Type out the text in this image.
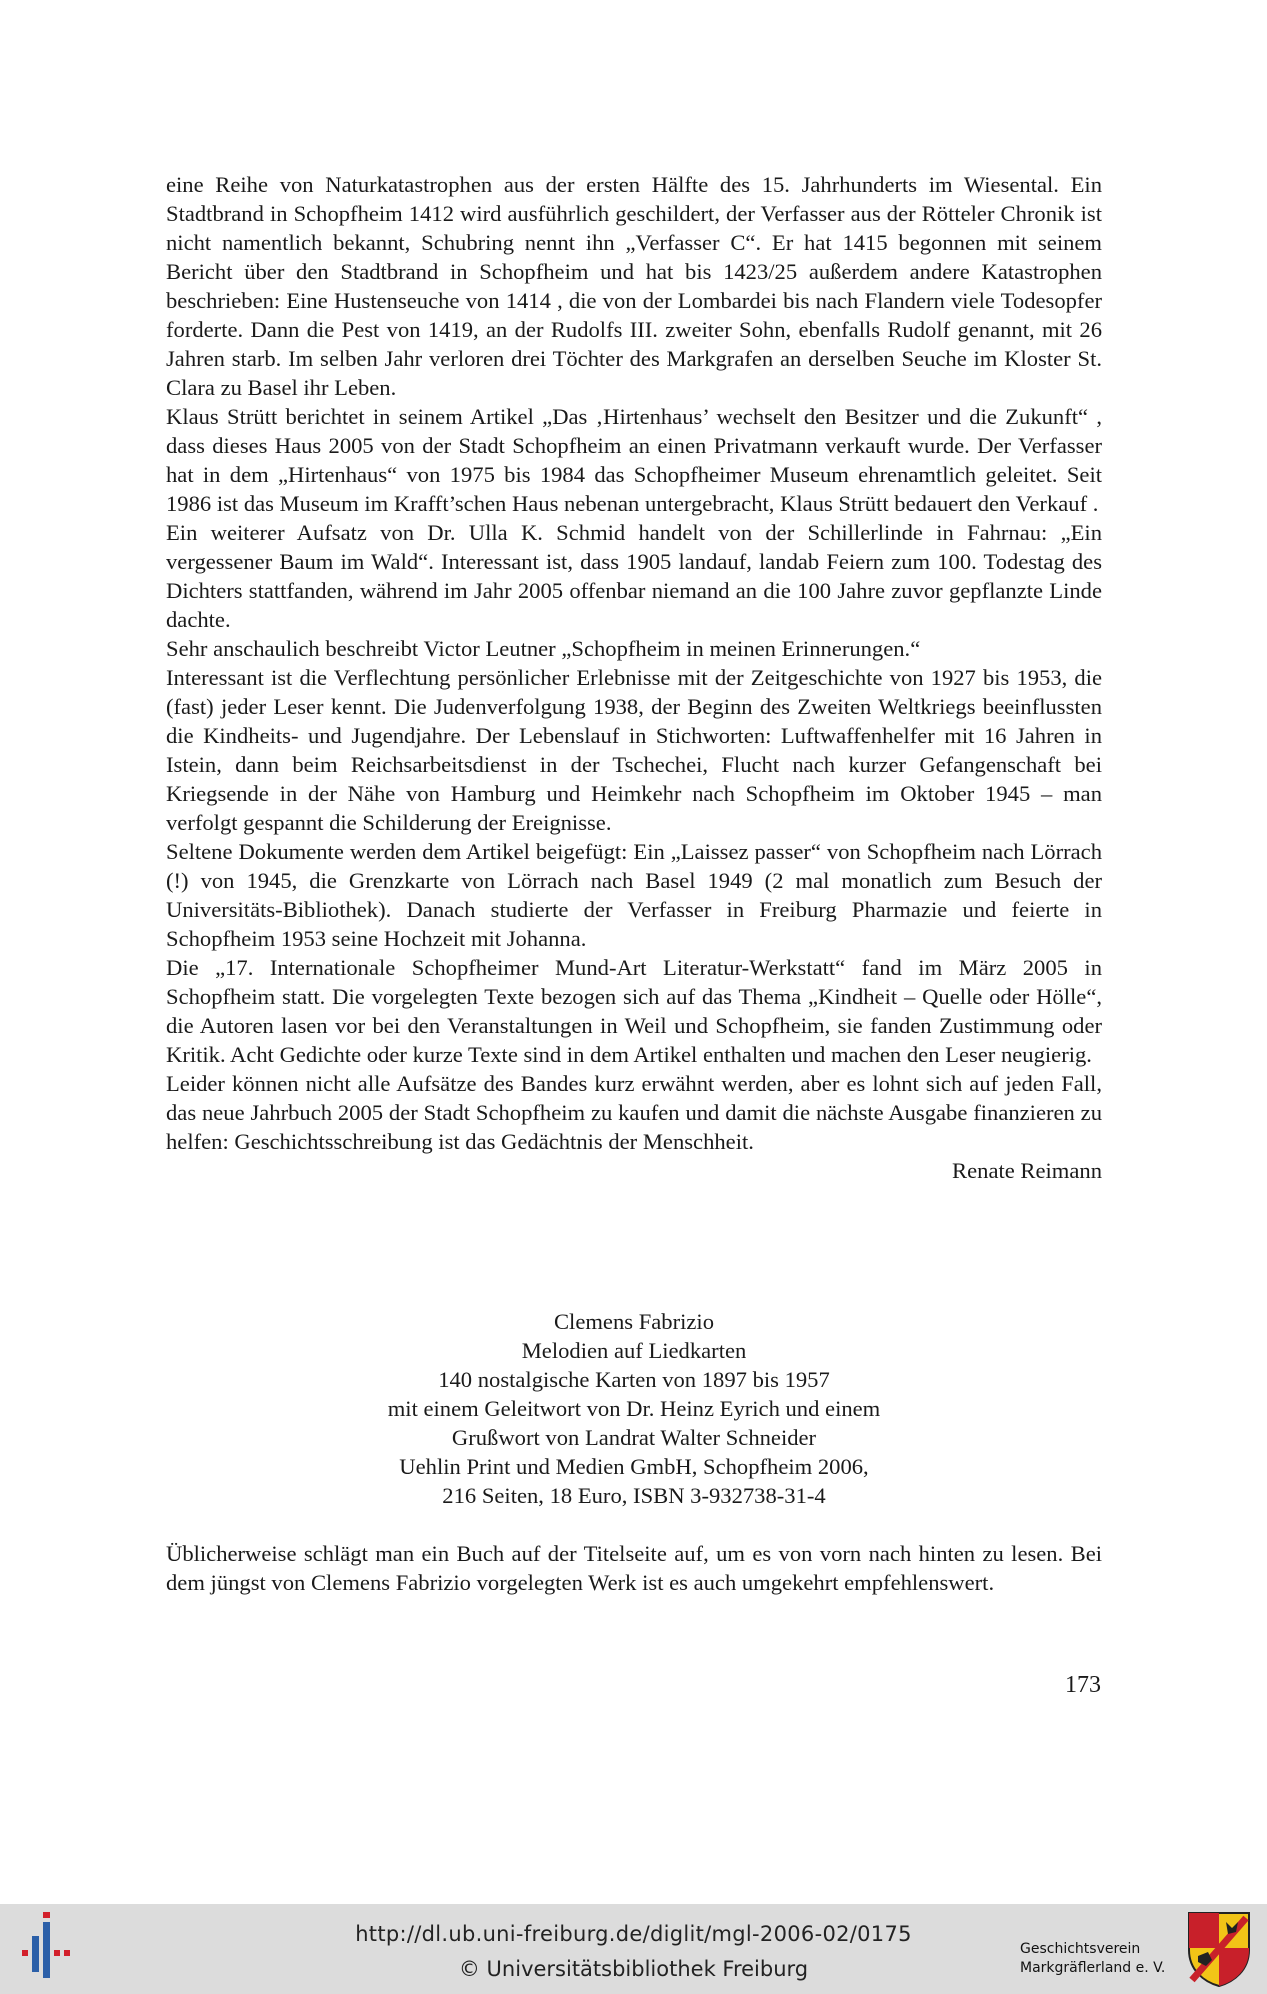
eine Reihe von Naturkatastrophen aus der ersten Hälfte des 15. Jahrhunderts im Wiesental. Ein Stadtbrand in Schopfheim 1412 wird ausführlich geschildert, der Verfasser aus der Rötteler Chronik ist nicht namentlich bekannt, Schubring nennt ihn „Verfasser C“. Er hat 1415 begonnen mit seinem Bericht über den Stadtbrand in Schopfheim und hat bis 1423/25 außerdem andere Katastrophen beschrieben: Eine Hustenseuche von 1414 , die von der Lombardei bis nach Flandern viele Todesopfer forderte. Dann die Pest von 1419, an der Rudolfs III. zweiter Sohn, ebenfalls Rudolf genannt, mit 26 Jahren starb. Im selben Jahr verloren drei Töchter des Markgrafen an derselben Seuche im Kloster St. Clara zu Basel ihr Leben.

Klaus Strütt berichtet in seinem Artikel „Das ‚Hirtenhaus’ wechselt den Besitzer und die Zukunft“ , dass dieses Haus 2005 von der Stadt Schopfheim an einen Privatmann verkauft wurde. Der Verfasser hat in dem „Hirtenhaus“ von 1975 bis 1984 das Schopfheimer Museum ehrenamtlich geleitet. Seit 1986 ist das Museum im Krafft’schen Haus nebenan untergebracht, Klaus Strütt bedauert den Verkauf .

Ein weiterer Aufsatz von Dr. Ulla K. Schmid handelt von der Schillerlinde in Fahrnau: „Ein vergessener Baum im Wald“. Interessant ist, dass 1905 landauf, landab Feiern zum 100. Todestag des Dichters stattfanden, während im Jahr 2005 offenbar niemand an die 100 Jahre zuvor gepflanzte Linde dachte.

Sehr anschaulich beschreibt Victor Leutner „Schopfheim in meinen Erinnerungen.“

Interessant ist die Verflechtung persönlicher Erlebnisse mit der Zeitgeschichte von 1927 bis 1953, die (fast) jeder Leser kennt. Die Judenverfolgung 1938, der Beginn des Zweiten Weltkriegs beeinflussten die Kindheits- und Jugendjahre. Der Lebenslauf in Stichworten: Luftwaffenhelfer mit 16 Jahren in Istein, dann beim Reichsarbeitsdienst in der Tschechei, Flucht nach kurzer Gefangenschaft bei Kriegsende in der Nähe von Hamburg und Heimkehr nach Schopfheim im Oktober 1945 – man verfolgt gespannt die Schilderung der Ereignisse.

Seltene Dokumente werden dem Artikel beigefügt: Ein „Laissez passer“ von Schopfheim nach Lörrach (!) von 1945, die Grenzkarte von Lörrach nach Basel 1949 (2 mal monatlich zum Besuch der Universitäts-Bibliothek). Danach studierte der Verfasser in Freiburg Pharmazie und feierte in Schopfheim 1953 seine Hochzeit mit Johanna.

Die „17. Internationale Schopfheimer Mund-Art Literatur-Werkstatt“ fand im März 2005 in Schopfheim statt. Die vorgelegten Texte bezogen sich auf das Thema „Kindheit – Quelle oder Hölle“, die Autoren lasen vor bei den Veranstaltungen in Weil und Schopfheim, sie fanden Zustimmung oder Kritik. Acht Gedichte oder kurze Texte sind in dem Artikel enthalten und machen den Leser neugierig.

Leider können nicht alle Aufsätze des Bandes kurz erwähnt werden, aber es lohnt sich auf jeden Fall, das neue Jahrbuch 2005 der Stadt Schopfheim zu kaufen und damit die nächste Ausgabe finanzieren zu helfen: Geschichtsschreibung ist das Gedächtnis der Menschheit.

Renate Reimann

Clemens Fabrizio
Melodien auf Liedkarten
140 nostalgische Karten von 1897 bis 1957
mit einem Geleitwort von Dr. Heinz Eyrich und einem
Grußwort von Landrat Walter Schneider
Uehlin Print und Medien GmbH, Schopfheim 2006,
216 Seiten, 18 Euro, ISBN 3-932738-31-4
Üblicherweise schlägt man ein Buch auf der Titelseite auf, um es von vorn nach hinten zu lesen. Bei dem jüngst von Clemens Fabrizio vorgelegten Werk ist es auch umgekehrt empfehlenswert.
173
http://dl.ub.uni-freiburg.de/diglit/mgl-2006-02/0175
© Universitätsbibliothek Freiburg
Geschichtsverein
Markgräflerland e. V.
